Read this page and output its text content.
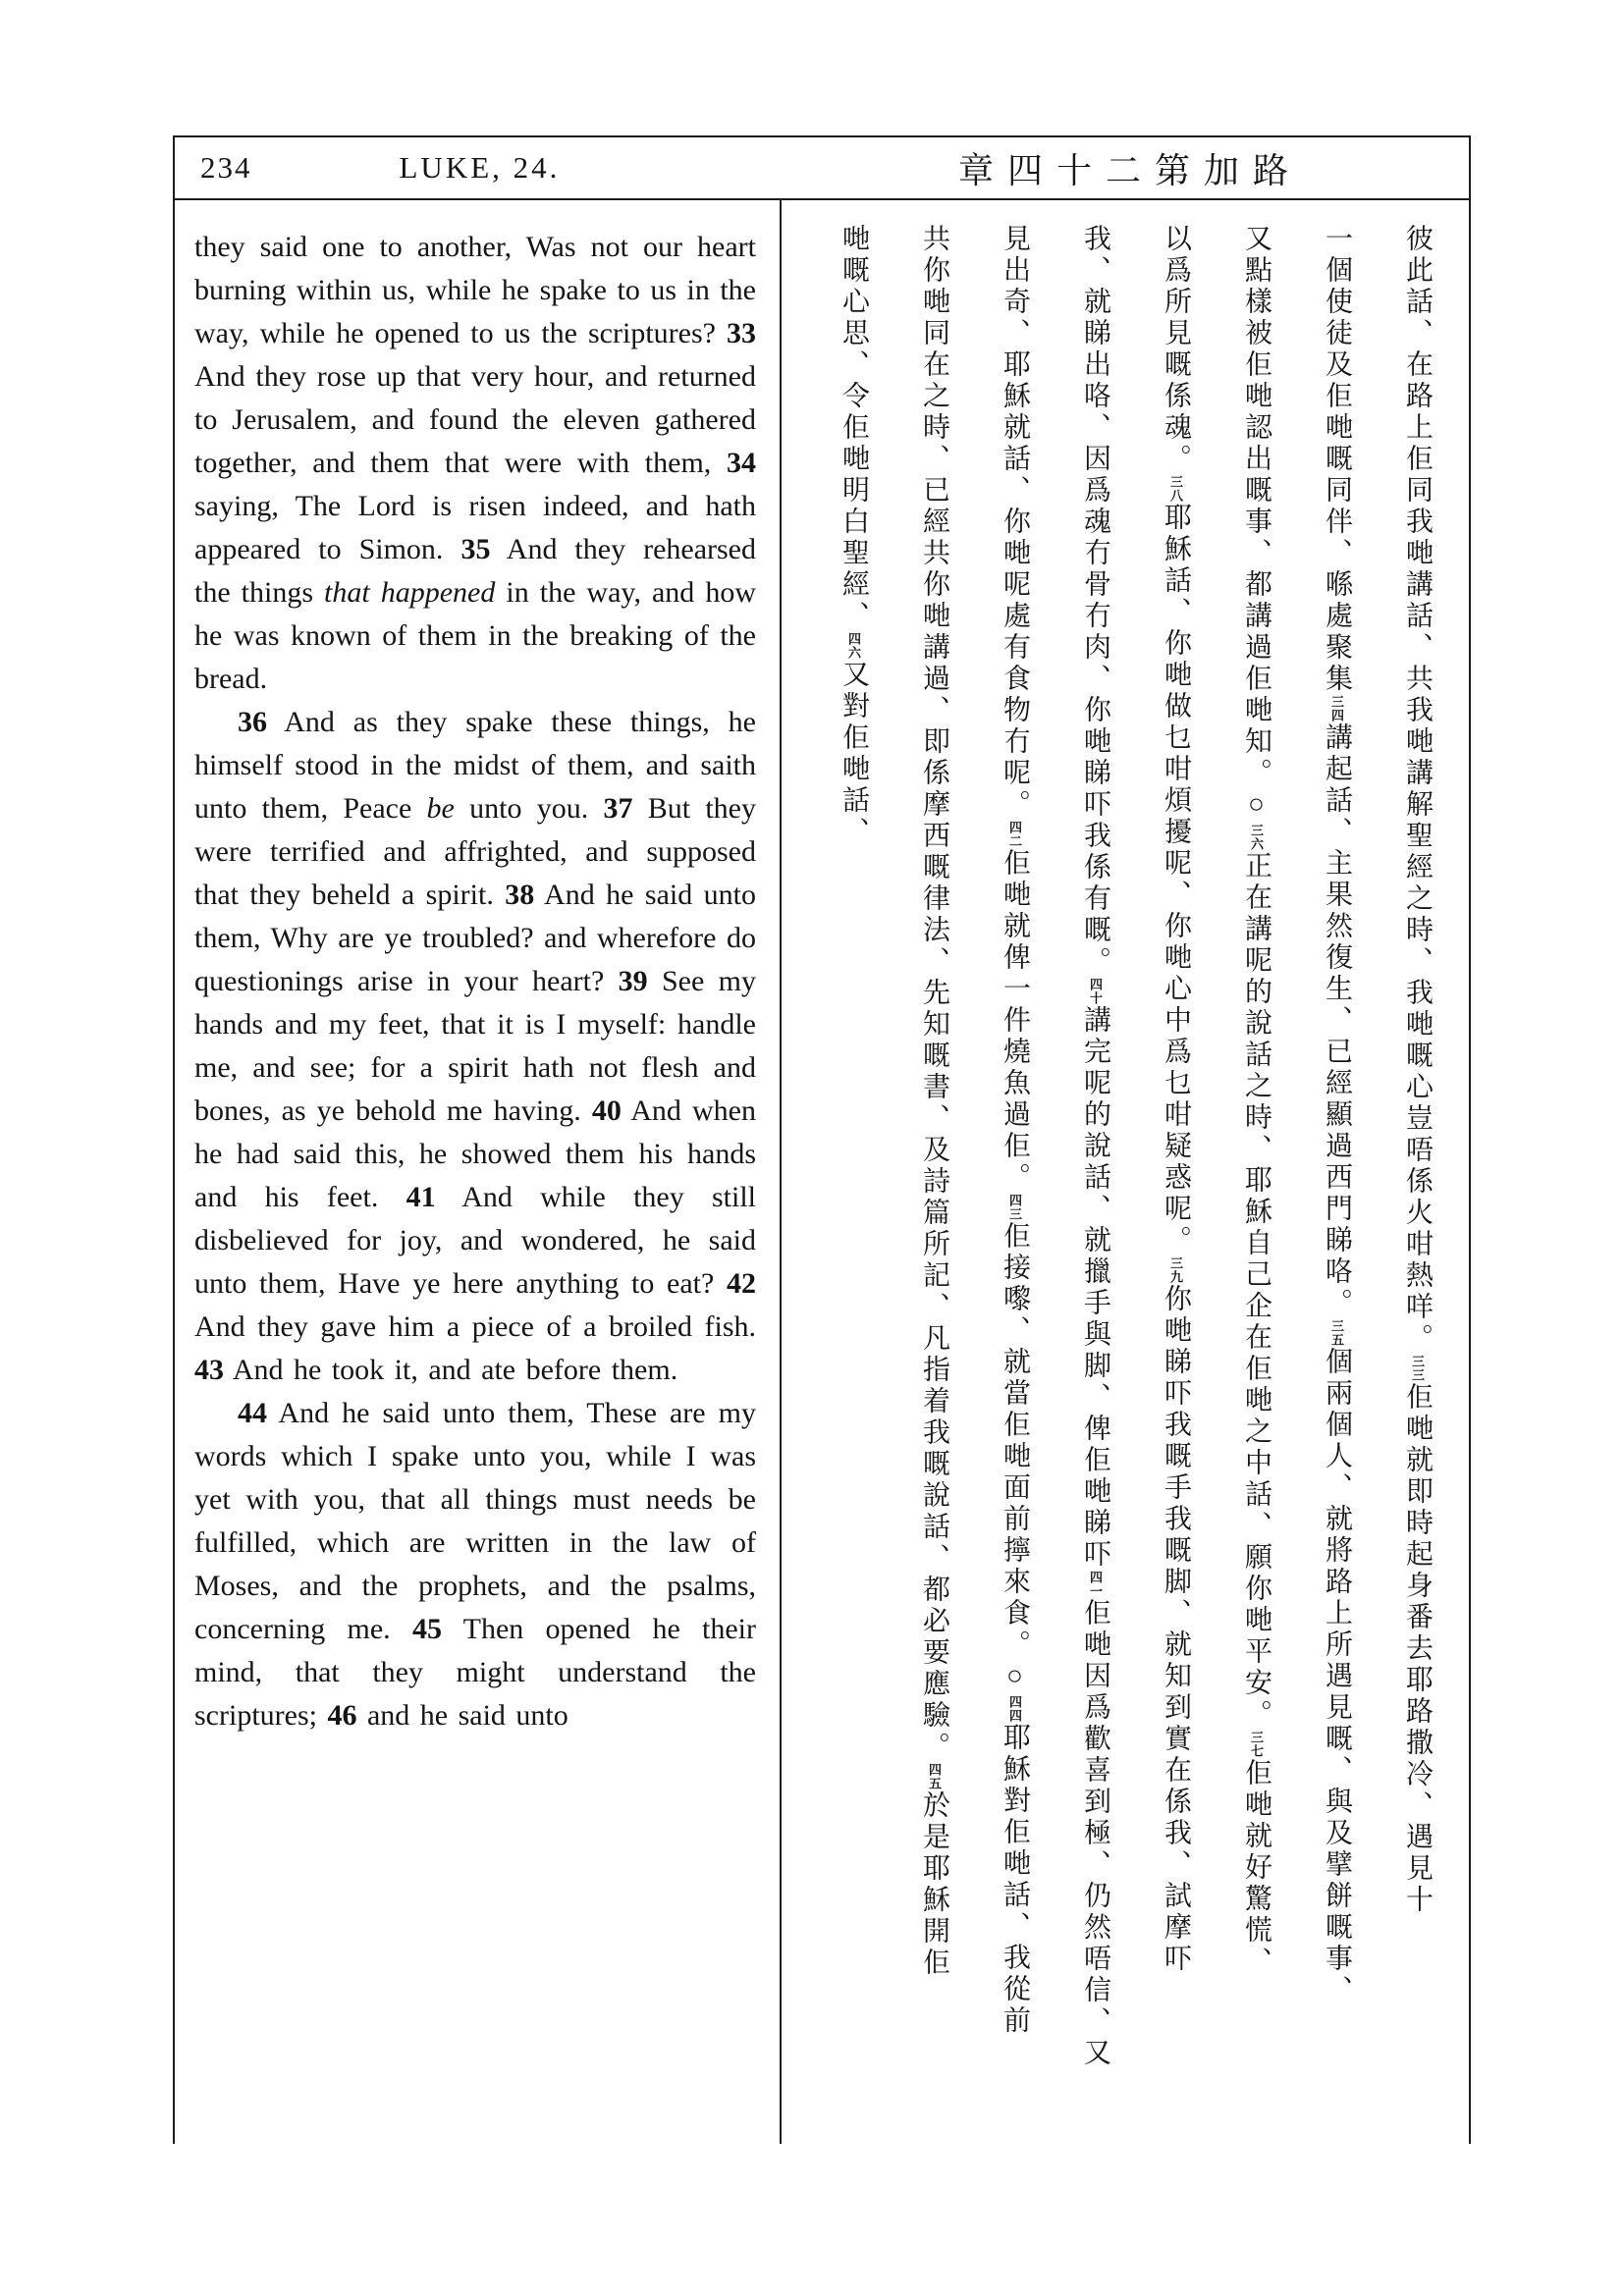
234	LUKE, 24.	章四十二第加路

they said one to another, Was not our heart burning within us, while he spake to us in the way, while he opened to us the scriptures? 33 And they rose up that very hour, and returned to Jerusalem, and found the eleven gathered together, and them that were with them, 34 saying, The Lord is risen indeed, and hath appeared to Simon. 35 And they rehearsed the things that happened in the way, and how he was known of them in the breaking of the bread.

36 And as they spake these things, he himself stood in the midst of them, and saith unto them, Peace be unto you. 37 But they were terrified and affrighted, and supposed that they beheld a spirit. 38 And he said unto them, Why are ye troubled? and wherefore do questionings arise in your heart? 39 See my hands and my feet, that it is I myself: handle me, and see; for a spirit hath not flesh and bones, as ye behold me having. 40 And when he had said this, he showed them his hands and his feet. 41 And while they still disbelieved for joy, and wondered, he said unto them, Have ye here anything to eat? 42 And they gave him a piece of a broiled fish. 43 And he took it, and ate before them.

44 And he said unto them, These are my words which I spake unto you, while I was yet with you, that all things must needs be fulfilled, which are written in the law of Moses, and the prophets, and the psalms, concerning me. 45 Then opened he their mind, that they might understand the scriptures; 46 and he said unto

彼此話、在路上佢同我哋講話、共我哋講解聖經之時、我哋嘅心豈唔係火咁熱咩。三三佢哋就即時起身番去耶路撒冷、遇見十
一個使徒及佢哋嘅同伴、喺處聚集三四講起話、主果然復生、已經顯過西門睇咯。三五個兩個人、就將路上所遇見嘅、與及擘餅嘅事、
又點樣被佢哋認出嘅事、都講過佢哋知。○三六正在講呢的說話之時、耶穌自己企在佢哋之中話、願你哋平安。三七佢哋就好驚慌、
以爲所見嘅係魂。三八耶穌話、你哋做乜咁煩擾呢、你哋心中爲乜咁疑惑呢。三九你哋睇吓我嘅手我嘅脚、就知到實在係我、試摩吓
我、就睇出咯、因爲魂冇骨冇肉、你哋睇吓我係有嘅。四十講完呢的說話、就擸手與脚、俾佢哋睇吓四一佢哋因爲歡喜到極、仍然唔信、又
見出奇、耶穌就話、你哋呢處有食物冇呢。四二佢哋就俾一件燒魚過佢。四三佢接嚟、就當佢哋面前擰來食。○四四耶穌對佢哋話、我從前
共你哋同在之時、已經共你哋講過、即係摩西嘅律法、先知嘅書、及詩篇所記、凡指着我嘅說話、都必要應驗。四五於是耶穌開佢
哋嘅心思、令佢哋明白聖經、四六又對佢哋話、
